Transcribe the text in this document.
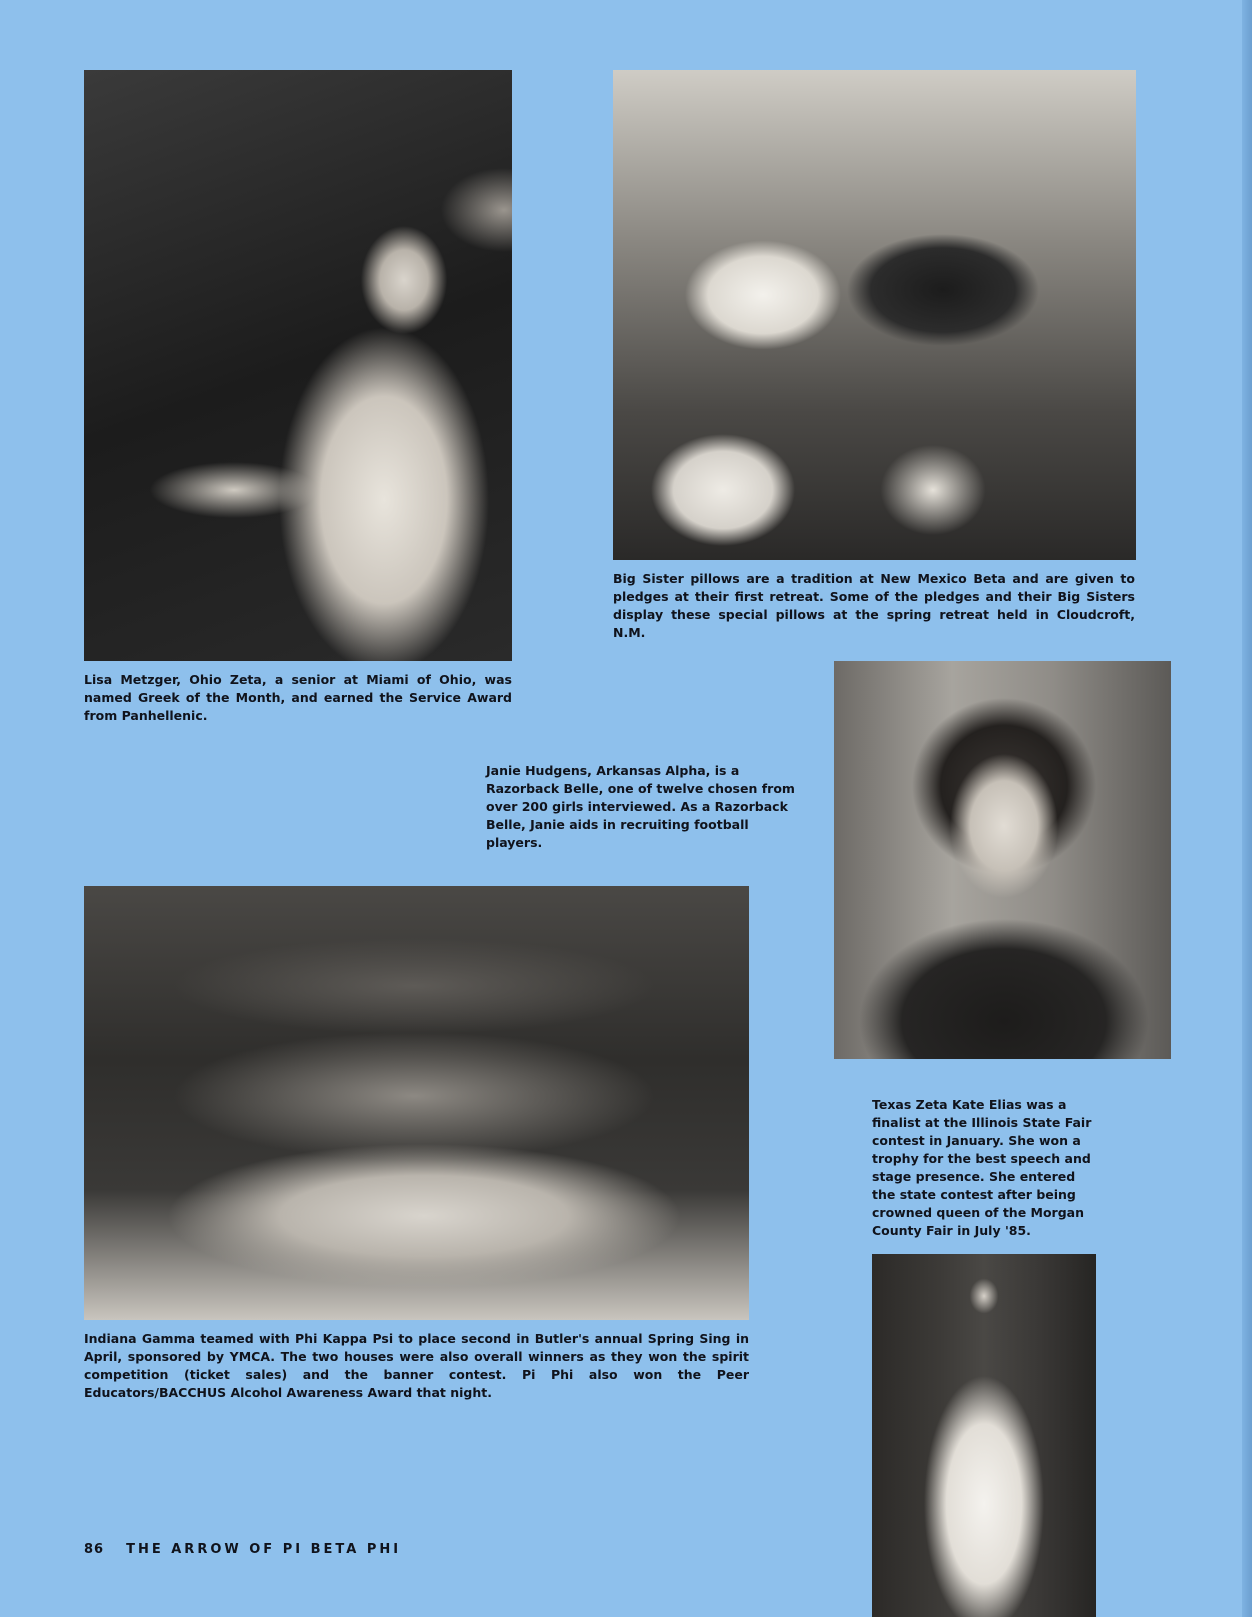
Big Sister pillows are a tradition at New Mexico Beta and are given to pledges at their first retreat. Some of the pledges and their Big Sisters display these special pillows at the spring retreat held in Cloudcroft, N.M.
Lisa Metzger, Ohio Zeta, a senior at Miami of Ohio, was named Greek of the Month, and earned the Service Award from Panhellenic.
Janie Hudgens, Arkansas Alpha, is a Razorback Belle, one of twelve chosen from over 200 girls interviewed. As a Razorback Belle, Janie aids in recruiting football players.
Indiana Gamma teamed with Phi Kappa Psi to place second in Butler's annual Spring Sing in April, sponsored by YMCA. The two houses were also overall winners as they won the spirit competition (ticket sales) and the banner contest. Pi Phi also won the Peer Educators/BACCHUS Alcohol Awareness Award that night.
Texas Zeta Kate Elias was a finalist at the Illinois State Fair contest in January. She won a trophy for the best speech and stage presence. She entered the state contest after being crowned queen of the Morgan County Fair in July '85.
86 THE ARROW OF PI BETA PHI
